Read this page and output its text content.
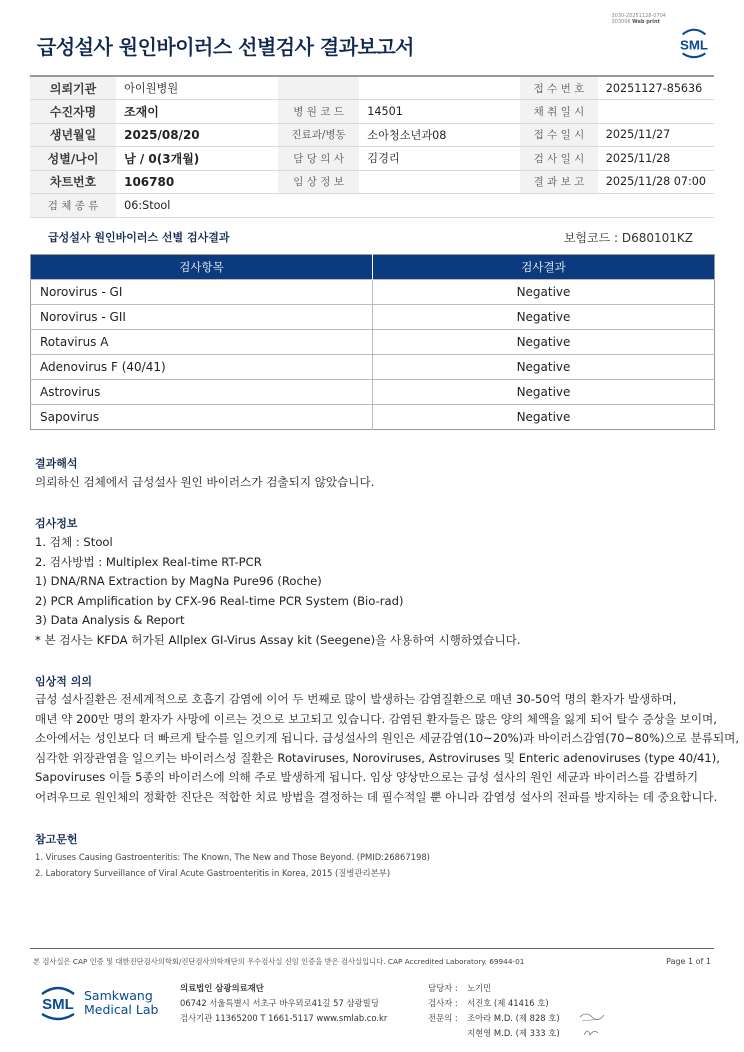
3030-20251128-0704
303006 Web print
SML
급성설사 원인바이러스 선별검사 결과보고서
의뢰기관	아이원병원			접 수 번 호	20251127-85636
수진자명	조재이	병 원 코 드	14501	채 취 일 시	
생년월일	2025/08/20	진료과/병동	소아청소년과08	접 수 일 시	2025/11/27
성별/나이	남 / 0(3개월)	담 당 의 사	김경리	검 사 일 시	2025/11/28
차트번호	106780	임 상 정 보		결 과 보 고	2025/11/28 07:00
검 체 종 류	06:Stool				
급성설사 원인바이러스 선별 검사결과	보험코드 : D680101KZ
검사항목	검사결과
Norovirus - GI	Negative
Norovirus - GII	Negative
Rotavirus A	Negative
Adenovirus F (40/41)	Negative
Astrovirus	Negative
Sapovirus	Negative
결과해석
의뢰하신 검체에서 급성설사 원인 바이러스가 검출되지 않았습니다.
검사정보
1. 검체 : Stool
2. 검사방법 : Multiplex Real-time RT-PCR
1) DNA/RNA Extraction by MagNa Pure96 (Roche)
2) PCR Amplification by CFX-96 Real-time PCR System (Bio-rad)
3) Data Analysis & Report
* 본 검사는 KFDA 허가된 Allplex GI-Virus Assay kit (Seegene)을 사용하여 시행하였습니다.
임상적 의의
급성 설사질환은 전세계적으로 호흡기 감염에 이어 두 번째로 많이 발생하는 감염질환으로 매년 30-50억 명의 환자가 발생하며,
매년 약 200만 명의 환자가 사망에 이르는 것으로 보고되고 있습니다. 감염된 환자들은 많은 양의 체액을 잃게 되어 탈수 증상을 보이며,
소아에서는 성인보다 더 빠르게 탈수를 일으키게 됩니다. 급성설사의 원인은 세균감염(10~20%)과 바이러스감염(70~80%)으로 분류되며,
심각한 위장관염을 일으키는 바이러스성 질환은 Rotaviruses, Noroviruses, Astroviruses 및 Enteric adenoviruses (type 40/41),
Sapoviruses 이들 5종의 바이러스에 의해 주로 발생하게 됩니다. 임상 양상만으로는 급성 설사의 원인 세균과 바이러스를 감별하기
어려우므로 원인체의 정확한 진단은 적합한 치료 방법을 결정하는 데 필수적일 뿐 아니라 감염성 설사의 전파를 방지하는 데 중요합니다.
참고문헌
1. Viruses Causing Gastroenteritis: The Known, The New and Those Beyond. (PMID:26867198)
2. Laboratory Surveillance of Viral Acute Gastroenteritis in Korea, 2015 (질병관리본부)
본 검사실은 CAP 인증 및 대한진단검사의학회/진단검사의학재단의 우수검사실 신임 인증을 받은 검사실입니다. CAP Accredited Laboratory. 69944-01	Page 1 of 1
SML
Samkwang
Medical Lab
의료법인 삼광의료재단
06742 서울특별시 서초구 바우뫼로41길 57 삼광빌딩
검사기관 11365200 T 1661-5117 www.smlab.co.kr
담당자 : 노기민
검사자 : 서진호 (제 41416 호)
전문의 : 조아라 M.D. (제 828 호)
지현영 M.D. (제 333 호)
